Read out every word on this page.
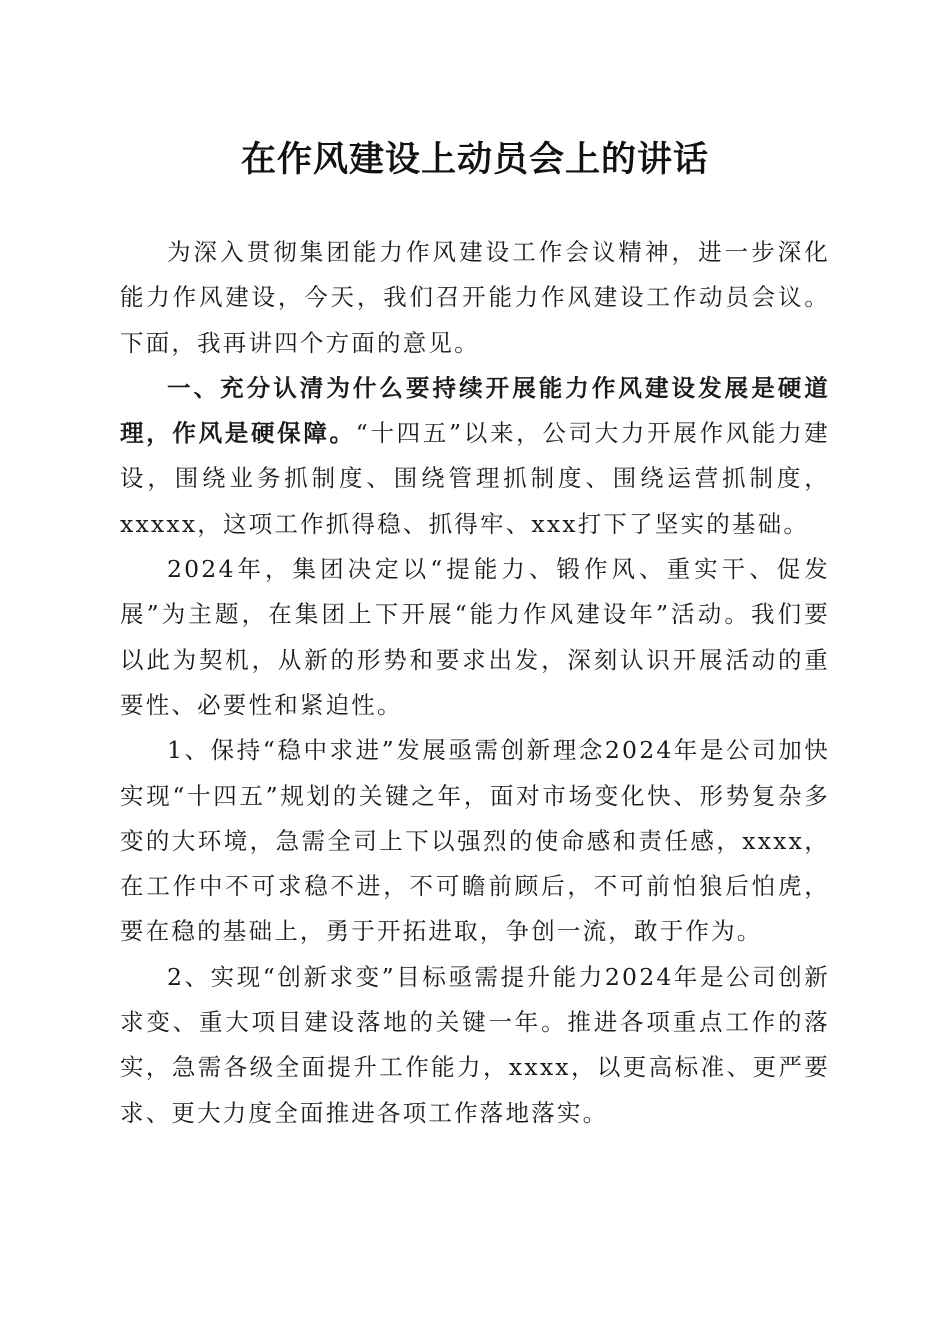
在作风建设上动员会上的讲话

为深入贯彻集团能力作风建设工作会议精神，进一步深化能力作风建设，今天，我们召开能力作风建设工作动员会议。下面，我再讲四个方面的意见。

一、充分认清为什么要持续开展能力作风建设发展是硬道理，作风是硬保障。“十四五”以来，公司大力开展作风能力建设，围绕业务抓制度、围绕管理抓制度、围绕运营抓制度，xxxxx，这项工作抓得稳、抓得牢、xxx打下了坚实的基础。

2024年，集团决定以“提能力、锻作风、重实干、促发展”为主题，在集团上下开展“能力作风建设年”活动。我们要以此为契机，从新的形势和要求出发，深刻认识开展活动的重要性、必要性和紧迫性。

1、保持“稳中求进”发展亟需创新理念2024年是公司加快实现“十四五”规划的关键之年，面对市场变化快、形势复杂多变的大环境，急需全司上下以强烈的使命感和责任感，xxxx，在工作中不可求稳不进，不可瞻前顾后，不可前怕狼后怕虎，要在稳的基础上，勇于开拓进取，争创一流，敢于作为。

2、实现“创新求变”目标亟需提升能力2024年是公司创新求变、重大项目建设落地的关键一年。推进各项重点工作的落实，急需各级全面提升工作能力，xxxx，以更高标准、更严要求、更大力度全面推进各项工作落地落实。
